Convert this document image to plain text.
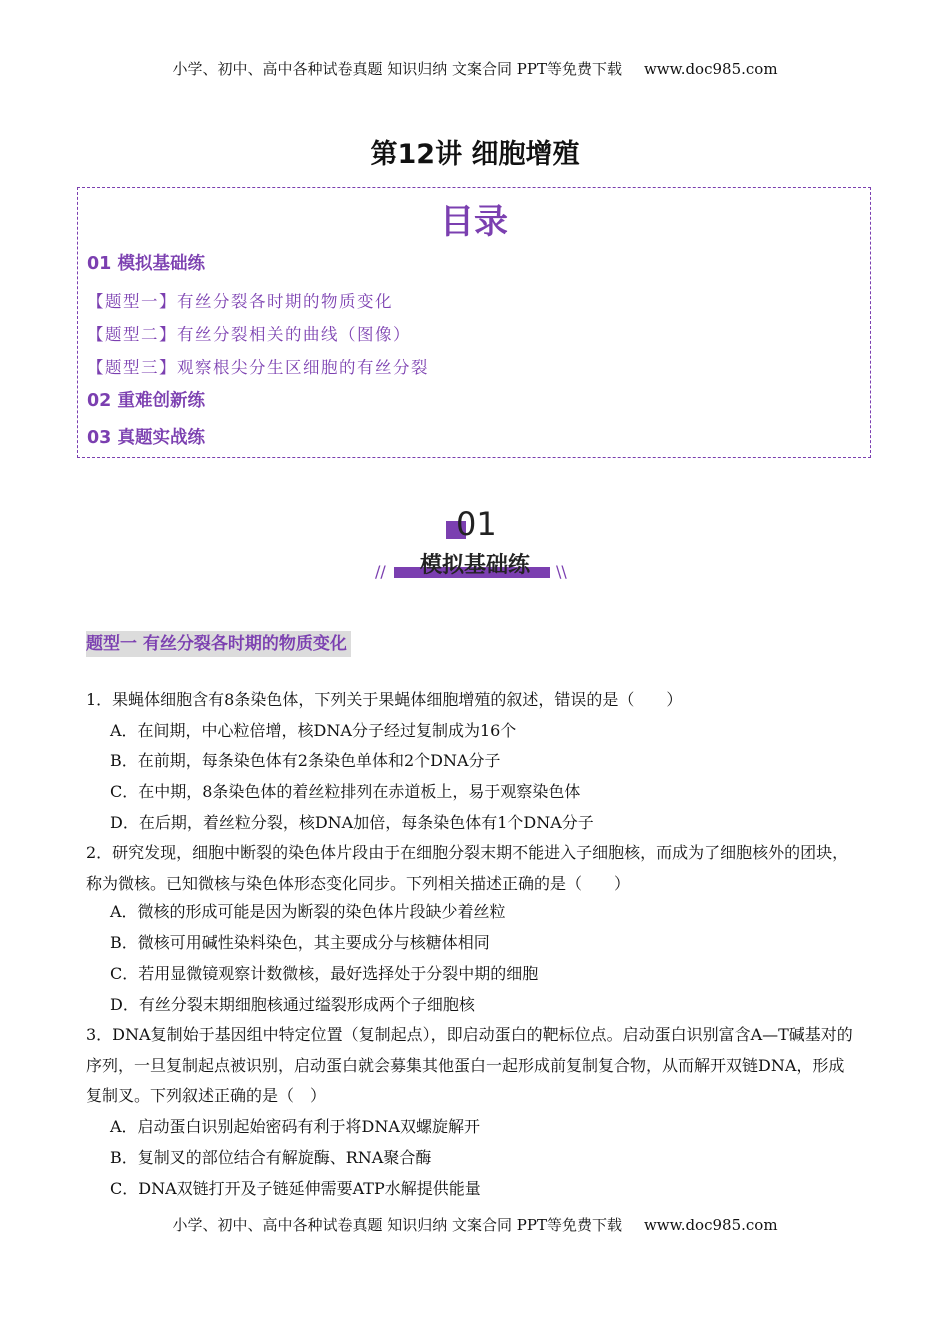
小学、初中、高中各种试卷真题 知识归纳 文案合同 PPT等免费下载 www.doc985.com
第12讲 细胞增殖
目录
01 模拟基础练
【题型一】有丝分裂各时期的物质变化
【题型二】有丝分裂相关的曲线（图像）
【题型三】观察根尖分生区细胞的有丝分裂
02 重难创新练
03 真题实战练
01
模拟基础练
//	\\
题型一 有丝分裂各时期的物质变化
1．果蝇体细胞含有8条染色体，下列关于果蝇体细胞增殖的叙述，错误的是（　　）
A．在间期，中心粒倍增，核DNA分子经过复制成为16个
B．在前期，每条染色体有2条染色单体和2个DNA分子
C．在中期，8条染色体的着丝粒排列在赤道板上，易于观察染色体
D．在后期，着丝粒分裂，核DNA加倍，每条染色体有1个DNA分子
2．研究发现，细胞中断裂的染色体片段由于在细胞分裂末期不能进入子细胞核，而成为了细胞核外的团块，称为微核。已知微核与染色体形态变化同步。下列相关描述正确的是（　　）
A．微核的形成可能是因为断裂的染色体片段缺少着丝粒
B．微核可用碱性染料染色，其主要成分与核糖体相同
C．若用显微镜观察计数微核，最好选择处于分裂中期的细胞
D．有丝分裂末期细胞核通过缢裂形成两个子细胞核
3．DNA复制始于基因组中特定位置（复制起点），即启动蛋白的靶标位点。启动蛋白识别富含A—T碱基对的序列，一旦复制起点被识别，启动蛋白就会募集其他蛋白一起形成前复制复合物，从而解开双链DNA，形成复制叉。下列叙述正确的是（　）
A．启动蛋白识别起始密码有利于将DNA双螺旋解开
B．复制叉的部位结合有解旋酶、RNA聚合酶
C．DNA双链打开及子链延伸需要ATP水解提供能量
小学、初中、高中各种试卷真题 知识归纳 文案合同 PPT等免费下载 www.doc985.com
